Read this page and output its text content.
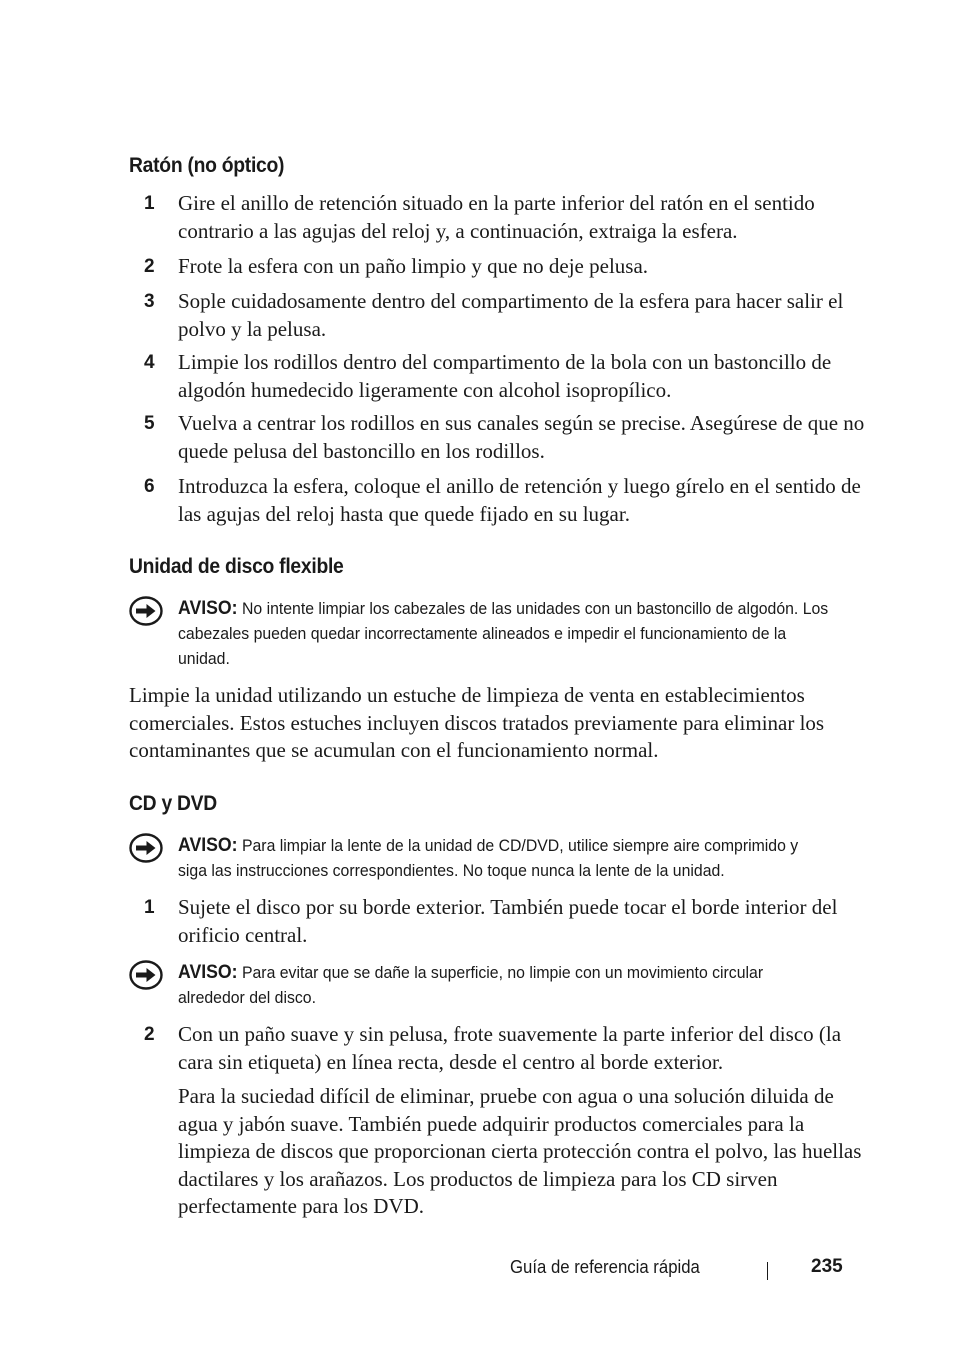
Ratón (no óptico)
1 Gire el anillo de retención situado en la parte inferior del ratón en el sentido contrario a las agujas del reloj y, a continuación, extraiga la esfera.
2 Frote la esfera con un paño limpio y que no deje pelusa.
3 Sople cuidadosamente dentro del compartimento de la esfera para hacer salir el polvo y la pelusa.
4 Limpie los rodillos dentro del compartimento de la bola con un bastoncillo de algodón humedecido ligeramente con alcohol isopropílico.
5 Vuelva a centrar los rodillos en sus canales según se precise. Asegúrese de que no quede pelusa del bastoncillo en los rodillos.
6 Introduzca la esfera, coloque el anillo de retención y luego gírelo en el sentido de las agujas del reloj hasta que quede fijado en su lugar.
Unidad de disco flexible
AVISO: No intente limpiar los cabezales de las unidades con un bastoncillo de algodón. Los cabezales pueden quedar incorrectamente alineados e impedir el funcionamiento de la unidad.
Limpie la unidad utilizando un estuche de limpieza de venta en establecimientos comerciales. Estos estuches incluyen discos tratados previamente para eliminar los contaminantes que se acumulan con el funcionamiento normal.
CD y DVD
AVISO: Para limpiar la lente de la unidad de CD/DVD, utilice siempre aire comprimido y siga las instrucciones correspondientes. No toque nunca la lente de la unidad.
1 Sujete el disco por su borde exterior. También puede tocar el borde interior del orificio central.
AVISO: Para evitar que se dañe la superficie, no limpie con un movimiento circular alrededor del disco.
2 Con un paño suave y sin pelusa, frote suavemente la parte inferior del disco (la cara sin etiqueta) en línea recta, desde el centro al borde exterior.
Para la suciedad difícil de eliminar, pruebe con agua o una solución diluida de agua y jabón suave. También puede adquirir productos comerciales para la limpieza de discos que proporcionan cierta protección contra el polvo, las huellas dactilares y los arañazos. Los productos de limpieza para los CD sirven perfectamente para los DVD.
Guía de referencia rápida	235
